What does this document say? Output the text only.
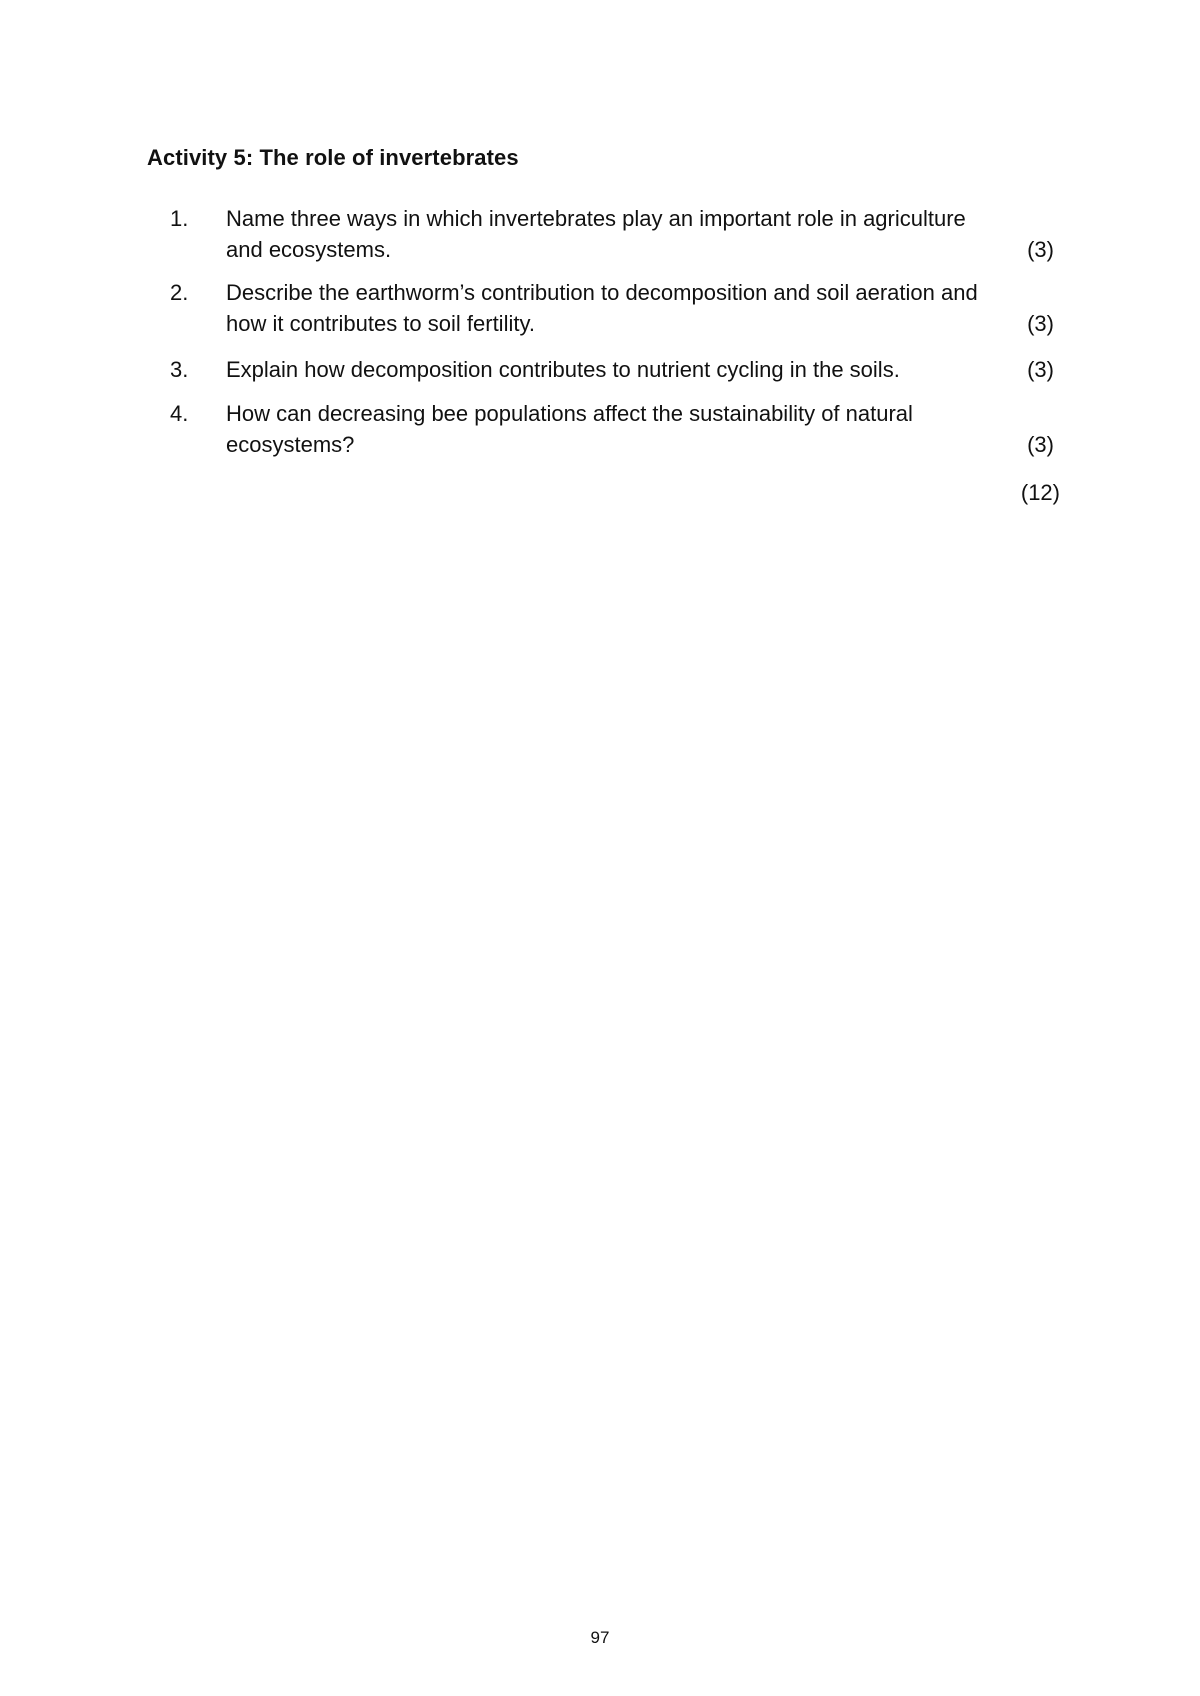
Activity 5: The role of invertebrates
1. Name three ways in which invertebrates play an important role in agriculture
and ecosystems.	(3)
2. Describe the earthworm’s contribution to decomposition and soil aeration and
how it contributes to soil fertility.	(3)
3. Explain how decomposition contributes to nutrient cycling in the soils.	(3)
4. How can decreasing bee populations affect the sustainability of natural
ecosystems?	(3)
(12)
97
